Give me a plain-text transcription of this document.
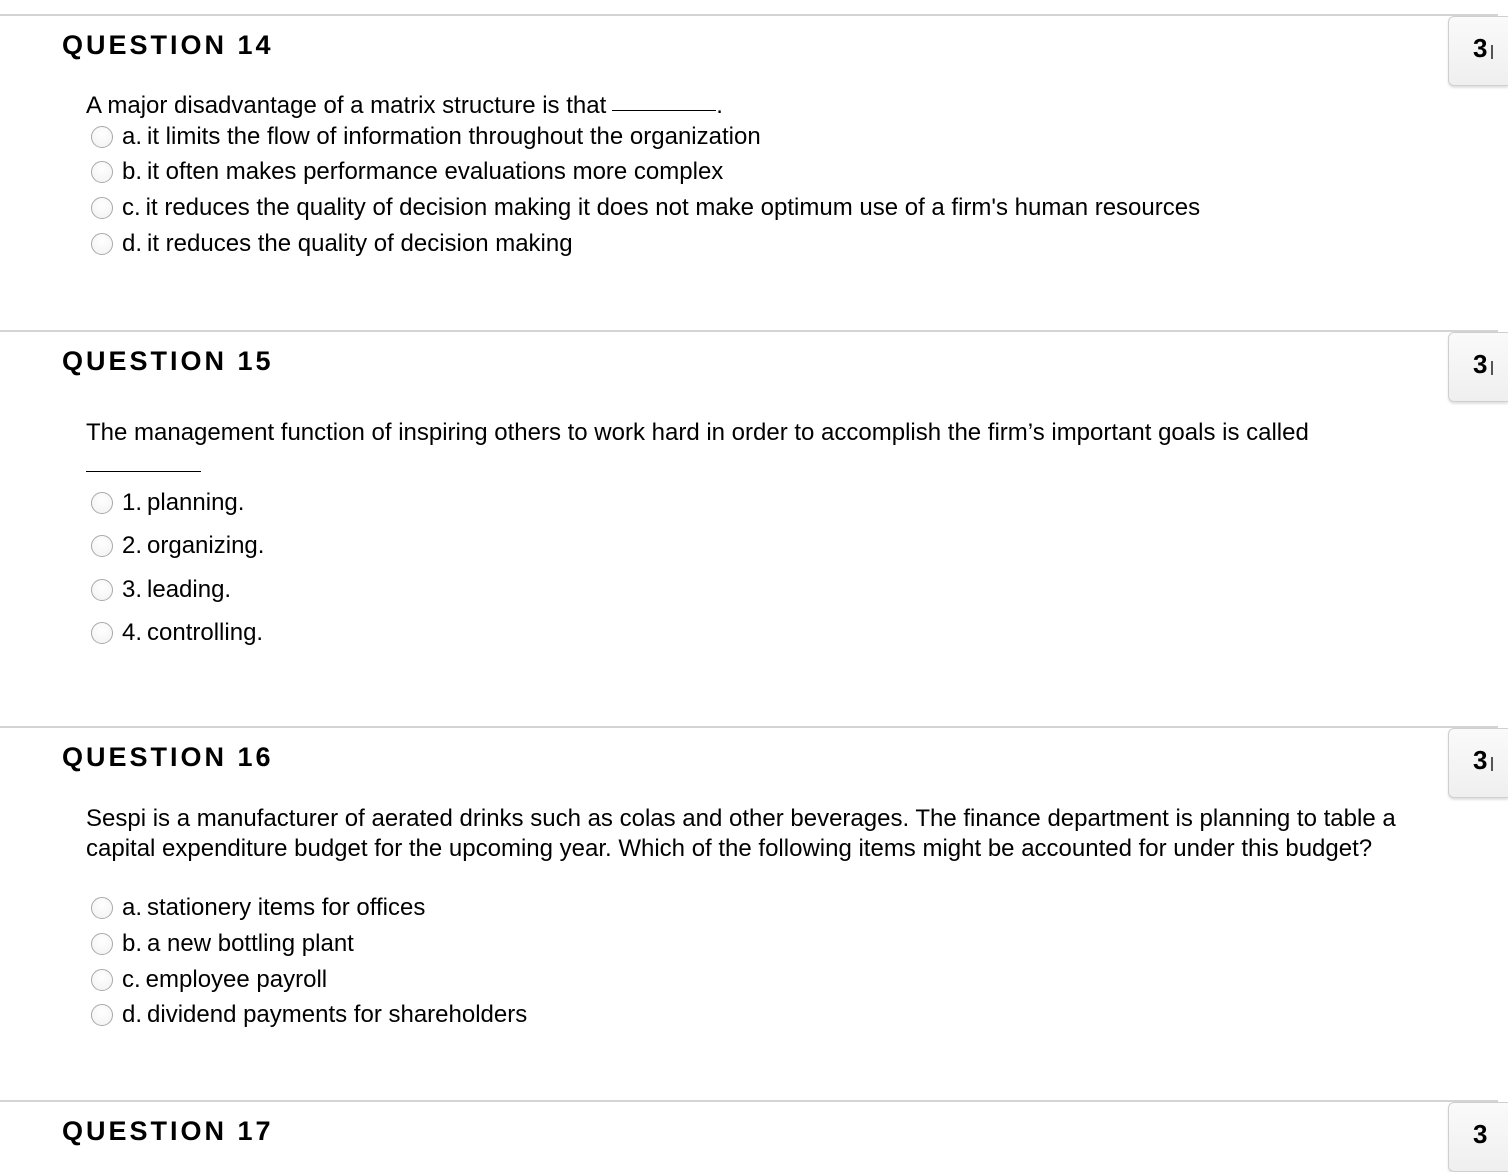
QUESTION 14	3
A major disadvantage of a matrix structure is that	.
a. it limits the flow of information throughout the organization
b. it often makes performance evaluations more complex
c. it reduces the quality of decision making it does not make optimum use of a firm's human resources
d. it reduces the quality of decision making
QUESTION 15	3
The management function of inspiring others to work hard in order to accomplish the firm’s important goals is called
1. planning.
2. organizing.
3. leading.
4. controlling.
QUESTION 16	3
Sespi is a manufacturer of aerated drinks such as colas and other beverages. The finance department is planning to table a capital expenditure budget for the upcoming year. Which of the following items might be accounted for under this budget?
a. stationery items for offices
b. a new bottling plant
c. employee payroll
d. dividend payments for shareholders
QUESTION 17	3
